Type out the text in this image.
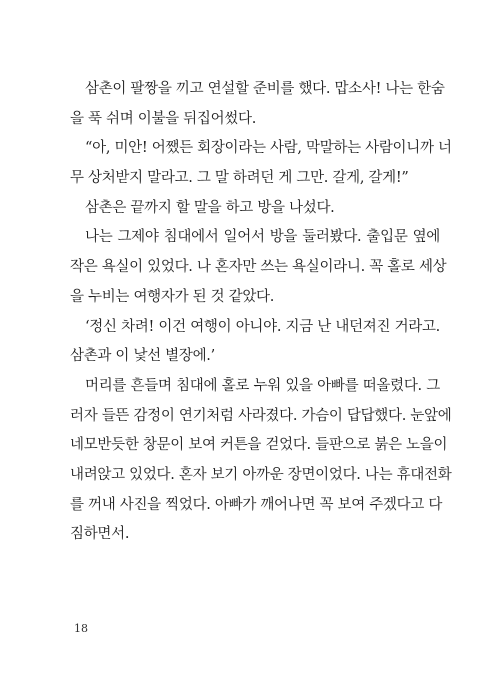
삼촌이 팔짱을 끼고 연설할 준비를 했다. 맙소사! 나는 한숨
을 푹 쉬며 이불을 뒤집어썼다.
“아, 미안! 어쨌든 회장이라는 사람, 막말하는 사람이니까 너
무 상처받지 말라고. 그 말 하려던 게 그만. 갈게, 갈게!”
삼촌은 끝까지 할 말을 하고 방을 나섰다.
나는 그제야 침대에서 일어서 방을 둘러봤다. 출입문 옆에
작은 욕실이 있었다. 나 혼자만 쓰는 욕실이라니. 꼭 홀로 세상
을 누비는 여행자가 된 것 같았다.
‘정신 차려! 이건 여행이 아니야. 지금 난 내던져진 거라고.
삼촌과 이 낯선 별장에.’
머리를 흔들며 침대에 홀로 누워 있을 아빠를 떠올렸다. 그
러자 들뜬 감정이 연기처럼 사라졌다. 가슴이 답답했다. 눈앞에
네모반듯한 창문이 보여 커튼을 걷었다. 들판으로 붉은 노을이
내려앉고 있었다. 혼자 보기 아까운 장면이었다. 나는 휴대전화
를 꺼내 사진을 찍었다. 아빠가 깨어나면 꼭 보여 주겠다고 다
짐하면서.
18
